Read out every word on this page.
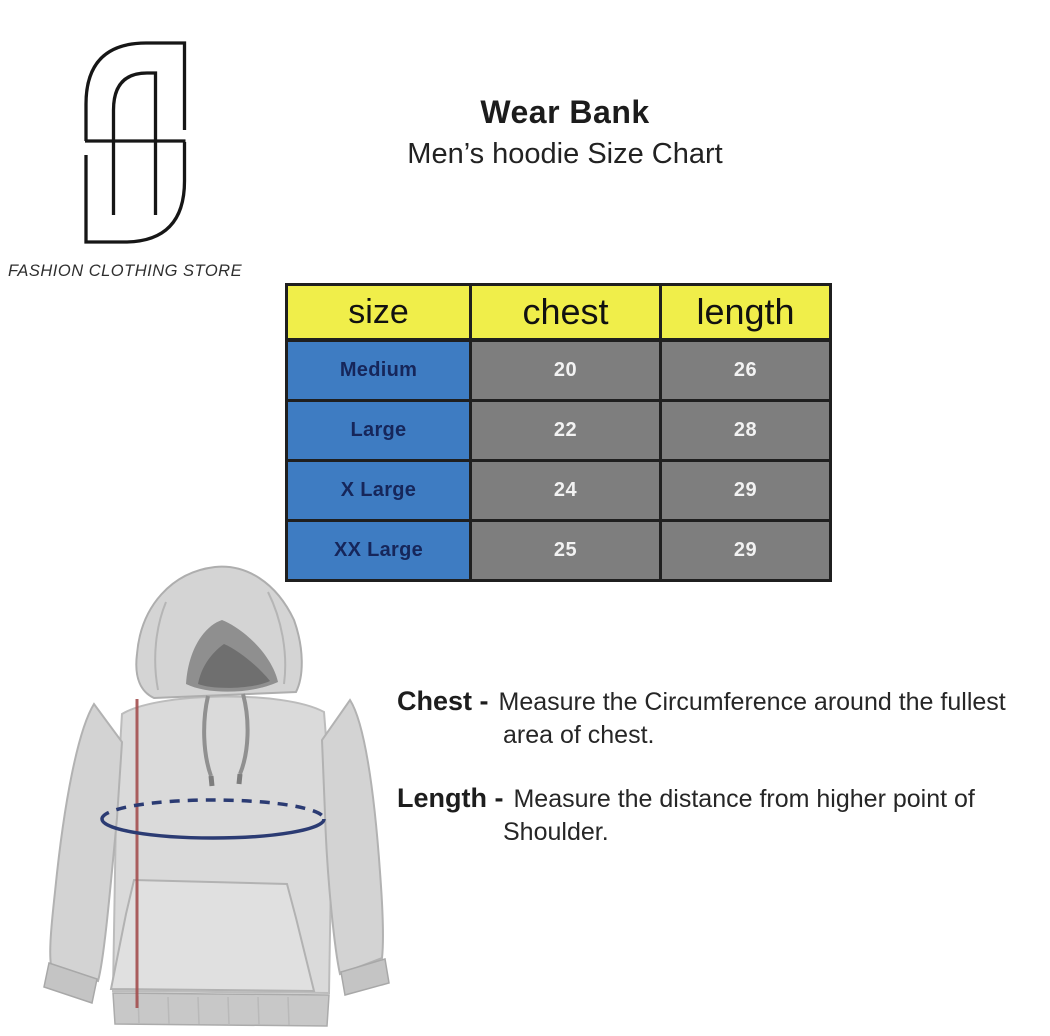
FASHION CLOTHING STORE
Wear Bank
Men’s hoodie Size Chart
size	chest	length
Medium	20	26
Large	22	28
X Large	24	29
XX Large	25	29
Chest - Measure the Circumference around the fullest
area of chest.
Length - Measure the distance from higher point of
Shoulder.
